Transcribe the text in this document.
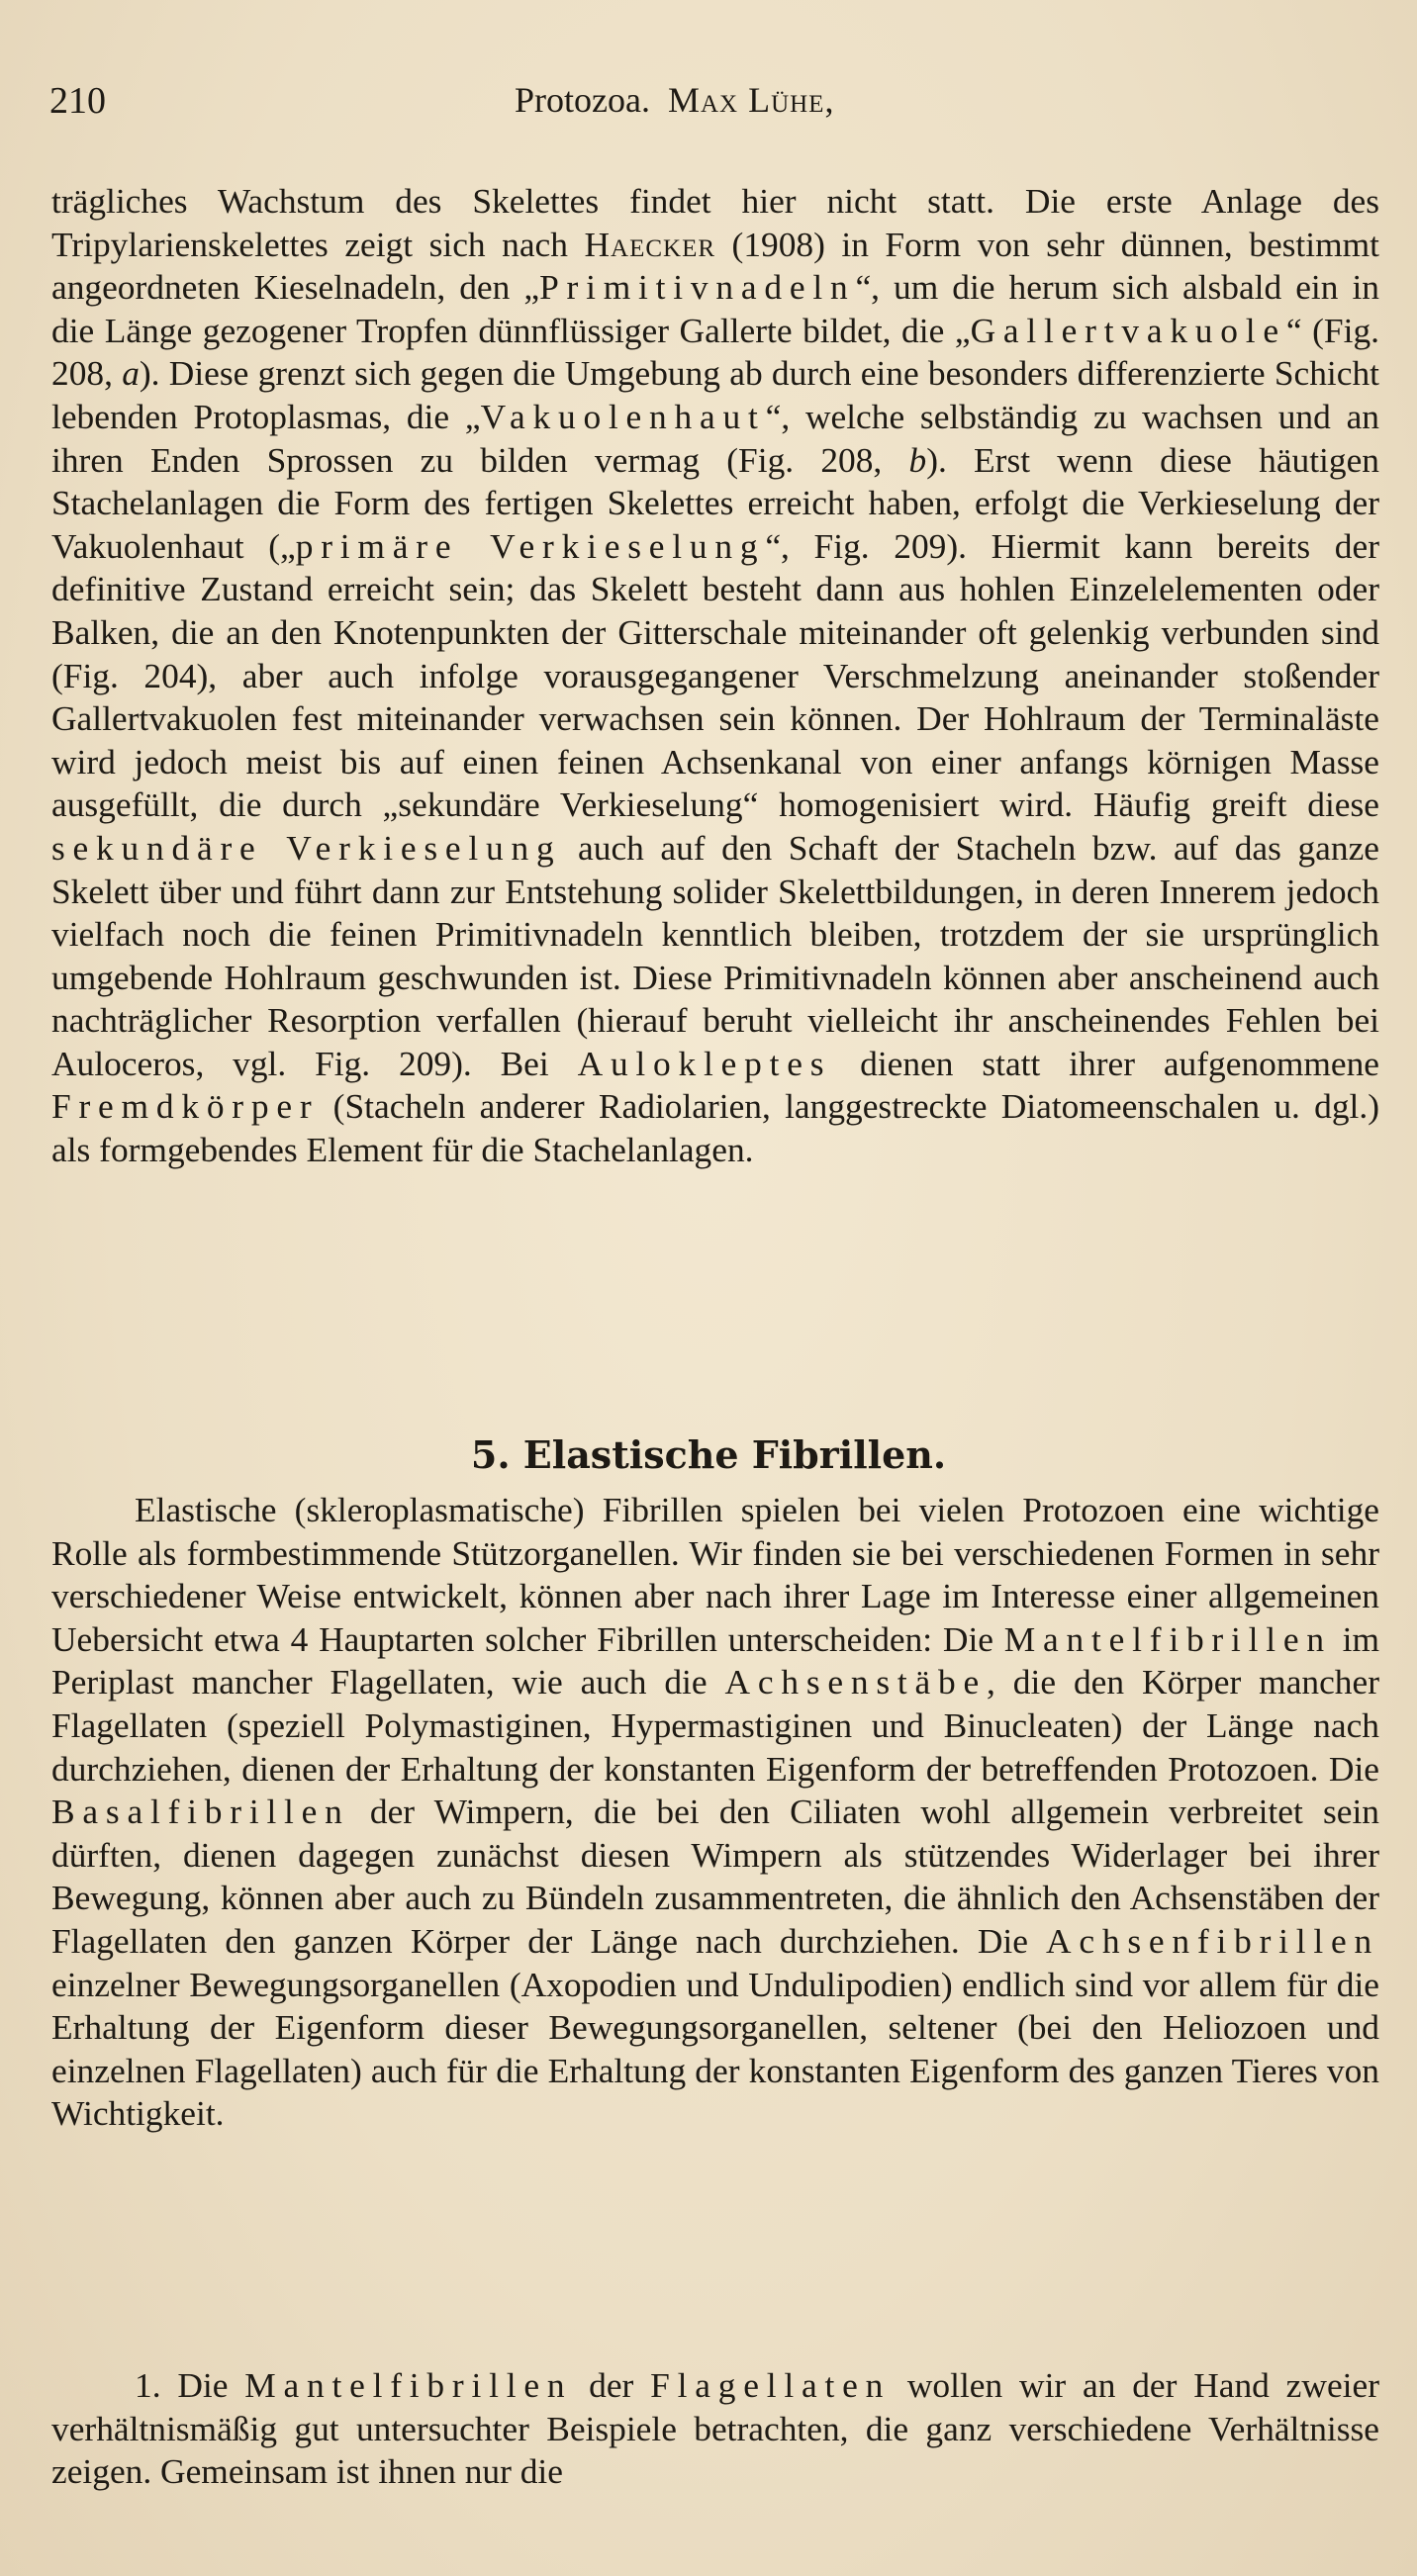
210	Protozoa. Max Lühe,

trägliches Wachstum des Skelettes findet hier nicht statt. Die erste Anlage des Tripylarienskelettes zeigt sich nach Haecker (1908) in Form von sehr dünnen, bestimmt angeordneten Kieselnadeln, den „Primitivnadeln“, um die herum sich alsbald ein in die Länge gezogener Tropfen dünnflüssiger Gallerte bildet, die „Gallertvakuole“ (Fig. 208, a). Diese grenzt sich gegen die Umgebung ab durch eine besonders differenzierte Schicht lebenden Protoplasmas, die „Vakuolenhaut“, welche selbständig zu wachsen und an ihren Enden Sprossen zu bilden vermag (Fig. 208, b). Erst wenn diese häutigen Stachelanlagen die Form des fertigen Skelettes erreicht haben, erfolgt die Verkieselung der Vakuolenhaut („primäre Verkieselung“, Fig. 209). Hiermit kann bereits der definitive Zustand erreicht sein; das Skelett besteht dann aus hohlen Einzelelementen oder Balken, die an den Knotenpunkten der Gitterschale miteinander oft gelenkig verbunden sind (Fig. 204), aber auch infolge vorausgegangener Verschmelzung aneinander stoßender Gallertvakuolen fest miteinander verwachsen sein können. Der Hohlraum der Terminaläste wird jedoch meist bis auf einen feinen Achsenkanal von einer anfangs körnigen Masse ausgefüllt, die durch „sekundäre Verkieselung“ homogenisiert wird. Häufig greift diese sekundäre Verkieselung auch auf den Schaft der Stacheln bzw. auf das ganze Skelett über und führt dann zur Entstehung solider Skelettbildungen, in deren Innerem jedoch vielfach noch die feinen Primitivnadeln kenntlich bleiben, trotzdem der sie ursprünglich umgebende Hohlraum geschwunden ist. Diese Primitivnadeln können aber anscheinend auch nachträglicher Resorption verfallen (hierauf beruht vielleicht ihr anscheinendes Fehlen bei Auloceros, vgl. Fig. 209). Bei Aulokleptes dienen statt ihrer aufgenommene Fremdkörper (Stacheln anderer Radiolarien, langgestreckte Diatomeenschalen u. dgl.) als formgebendes Element für die Stachelanlagen.

5. Elastische Fibrillen.

Elastische (skleroplasmatische) Fibrillen spielen bei vielen Protozoen eine wichtige Rolle als formbestimmende Stützorganellen. Wir finden sie bei verschiedenen Formen in sehr verschiedener Weise entwickelt, können aber nach ihrer Lage im Interesse einer allgemeinen Uebersicht etwa 4 Hauptarten solcher Fibrillen unterscheiden: Die Mantelfibrillen im Periplast mancher Flagellaten, wie auch die Achsenstäbe, die den Körper mancher Flagellaten (speziell Polymastiginen, Hypermastiginen und Binucleaten) der Länge nach durchziehen, dienen der Erhaltung der konstanten Eigenform der betreffenden Protozoen. Die Basalfibrillen der Wimpern, die bei den Ciliaten wohl allgemein verbreitet sein dürften, dienen dagegen zunächst diesen Wimpern als stützendes Widerlager bei ihrer Bewegung, können aber auch zu Bündeln zusammentreten, die ähnlich den Achsenstäben der Flagellaten den ganzen Körper der Länge nach durchziehen. Die Achsenfibrillen einzelner Bewegungsorganellen (Axopodien und Undulipodien) endlich sind vor allem für die Erhaltung der Eigenform dieser Bewegungsorganellen, seltener (bei den Heliozoen und einzelnen Flagellaten) auch für die Erhaltung der konstanten Eigenform des ganzen Tieres von Wichtigkeit.

1. Die Mantelfibrillen der Flagellaten wollen wir an der Hand zweier verhältnismäßig gut untersuchter Beispiele betrachten, die ganz verschiedene Verhältnisse zeigen. Gemeinsam ist ihnen nur die
